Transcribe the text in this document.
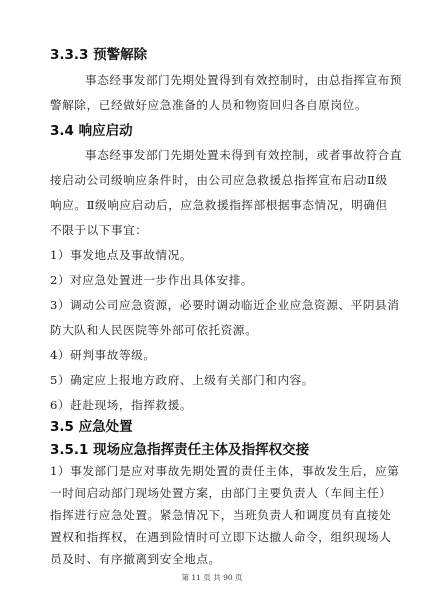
3.3.3 预警解除
事态经事发部门先期处置得到有效控制时，由总指挥宣布预
警解除，已经做好应急准备的人员和物资回归各自原岗位。
3.4 响应启动
事态经事发部门先期处置未得到有效控制，或者事故符合直
接启动公司级响应条件时，由公司应急救援总指挥宣布启动Ⅱ级
响应。Ⅱ级响应启动后，应急救援指挥部根据事态情况，明确但
不限于以下事宜：
1）事发地点及事故情况。
2）对应急处置进一步作出具体安排。
3）调动公司应急资源，必要时调动临近企业应急资源、平阴县消
防大队和人民医院等外部可依托资源。
4）研判事故等级。
5）确定应上报地方政府、上级有关部门和内容。
6）赶赴现场，指挥救援。
3.5 应急处置
3.5.1 现场应急指挥责任主体及指挥权交接
第 11 页 共 90 页
1）事发部门是应对事故先期处置的责任主体，事故发生后，应第
一时间启动部门现场处置方案，由部门主要负责人（车间主任）
指挥进行应急处置。紧急情况下，当班负责人和调度员有直接处
置权和指挥权，在遇到险情时可立即下达撤人命令，组织现场人
员及时、有序撤离到安全地点。
